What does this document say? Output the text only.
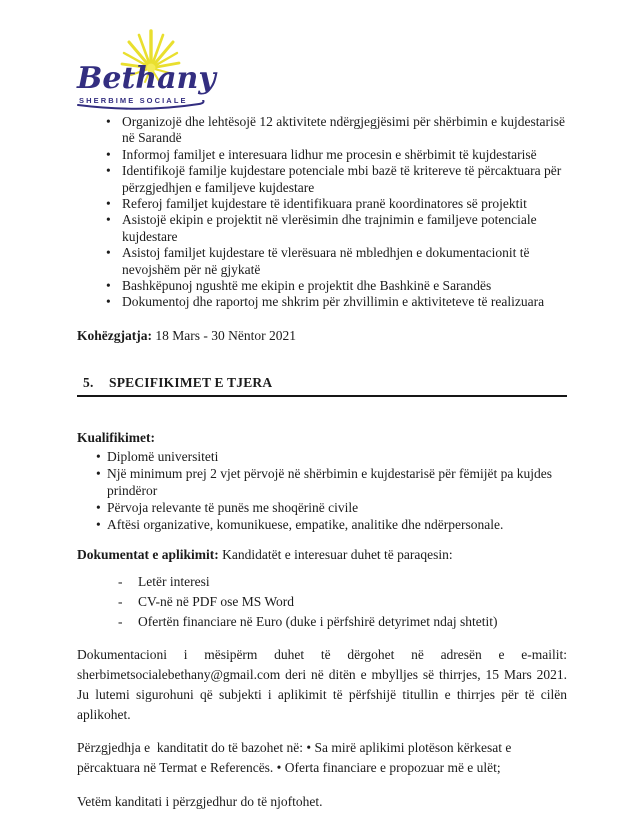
Bethany
SHERBIME SOCIALE
• Organizojë dhe lehtësojë 12 aktivitete ndërgjegjësimi për shërbimin e kujdestarisë në Sarandë
• Informoj familjet e interesuara lidhur me procesin e shërbimit të kujdestarisë
• Identifikojë familje kujdestare potenciale mbi bazë të kritereve të përcaktuara për përzgjedhjen e familjeve kujdestare
• Referoj familjet kujdestare të identifikuara pranë koordinatores së projektit
• Asistojë ekipin e projektit në vlerësimin dhe trajnimin e familjeve potenciale kujdestare
• Asistoj familjet kujdestare të vlerësuara në mbledhjen e dokumentacionit të nevojshëm për në gjykatë
• Bashkëpunoj ngushtë me ekipin e projektit dhe Bashkinë e Sarandës
• Dokumentoj dhe raportoj me shkrim për zhvillimin e aktiviteteve të realizuara

Kohëzgjatja: 18 Mars - 30 Nëntor 2021

5. SPECIFIKIMET E TJERA

Kualifikimet:

• Diplomë universiteti
• Një minimum prej 2 vjet përvojë në shërbimin e kujdestarisë për fëmijët pa kujdes prindëror
• Përvoja relevante të punës me shoqërinë civile
• Aftësi organizative, komunikuese, empatike, analitike dhe ndërpersonale.

Dokumentat e aplikimit: Kandidatët e interesuar duhet të paraqesin:

- Letër interesi
- CV-në në PDF ose MS Word
- Ofertën financiare në Euro (duke i përfshirë detyrimet ndaj shtetit)

Dokumentacioni i mësipërm duhet të dërgohet në adresën e e-mailit: sherbimetsocialebethany@gmail.com deri në ditën e mbylljes së thirrjes, 15 Mars 2021. Ju lutemi sigurohuni që subjekti i aplikimit të përfshijë titullin e thirrjes për të cilën aplikohet.

Përzgjedhja e  kanditatit do të bazohet në: • Sa mirë aplikimi plotëson kërkesat e përcaktuara në Termat e Referencës. • Oferta financiare e propozuar më e ulët;

Vetëm kanditati i përzgjedhur do të njoftohet.
